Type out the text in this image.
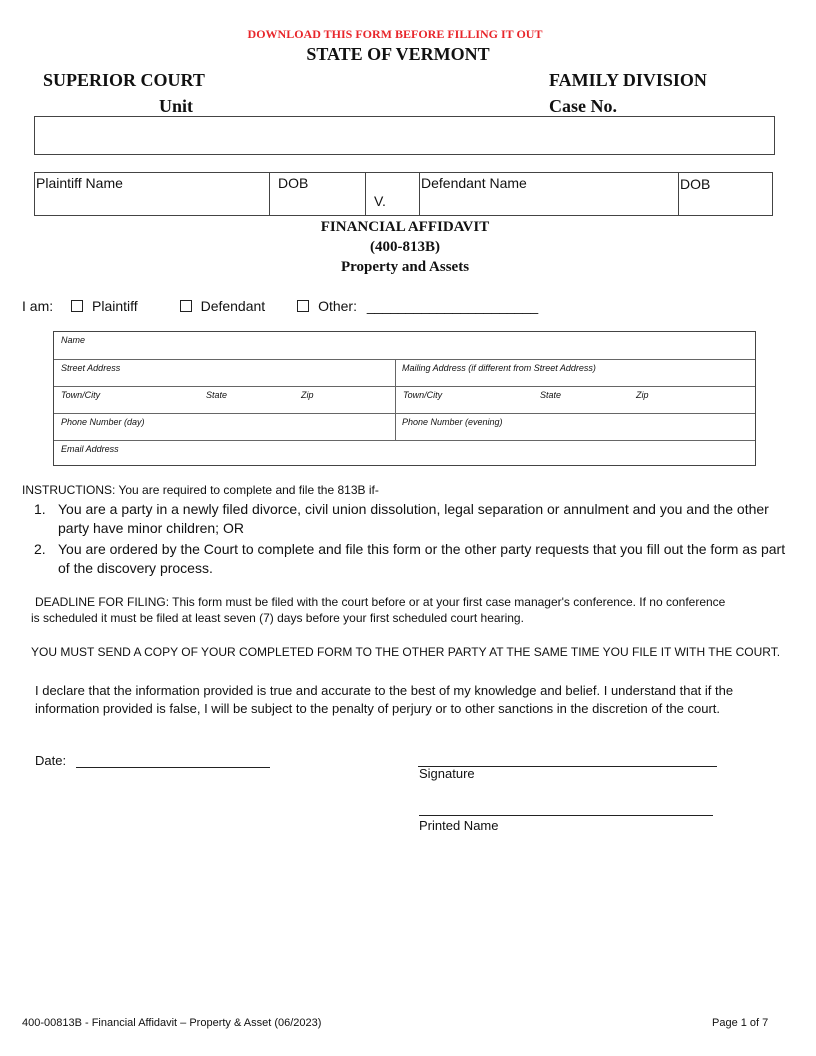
DOWNLOAD THIS FORM BEFORE FILLING IT OUT
STATE OF VERMONT
SUPERIOR COURT	FAMILY DIVISION
Unit	Case No.
Plaintiff Name	DOB
V.
Defendant Name	DOB
FINANCIAL AFFIDAVIT
(400-813B)
Property and Assets
I am:	Plaintiff	Defendant	Other: ______________________
Name
Street Address	Mailing Address (if different from Street Address)
Town/City	State	Zip	Town/City	State	Zip
Phone Number (day)	Phone Number (evening)
Email Address
INSTRUCTIONS: You are required to complete and file the 813B if-
1. You are a party in a newly filed divorce, civil union dissolution, legal separation or annulment and you and the other party have minor children; OR
2. You are ordered by the Court to complete and file this form or the other party requests that you fill out the form as part of the discovery process.
DEADLINE FOR FILING: This form must be filed with the court before or at your first case manager's conference. If no conference
is scheduled it must be filed at least seven (7) days before your first scheduled court hearing.
YOU MUST SEND A COPY OF YOUR COMPLETED FORM TO THE OTHER PARTY AT THE SAME TIME YOU FILE IT WITH THE COURT.
I declare that the information provided is true and accurate to the best of my knowledge and belief. I understand that if the information provided is false, I will be subject to the penalty of perjury or to other sanctions in the discretion of the court.
Date:
Signature
Printed Name
400-00813B - Financial Affidavit – Property & Asset (06/2023)	Page 1 of 7
